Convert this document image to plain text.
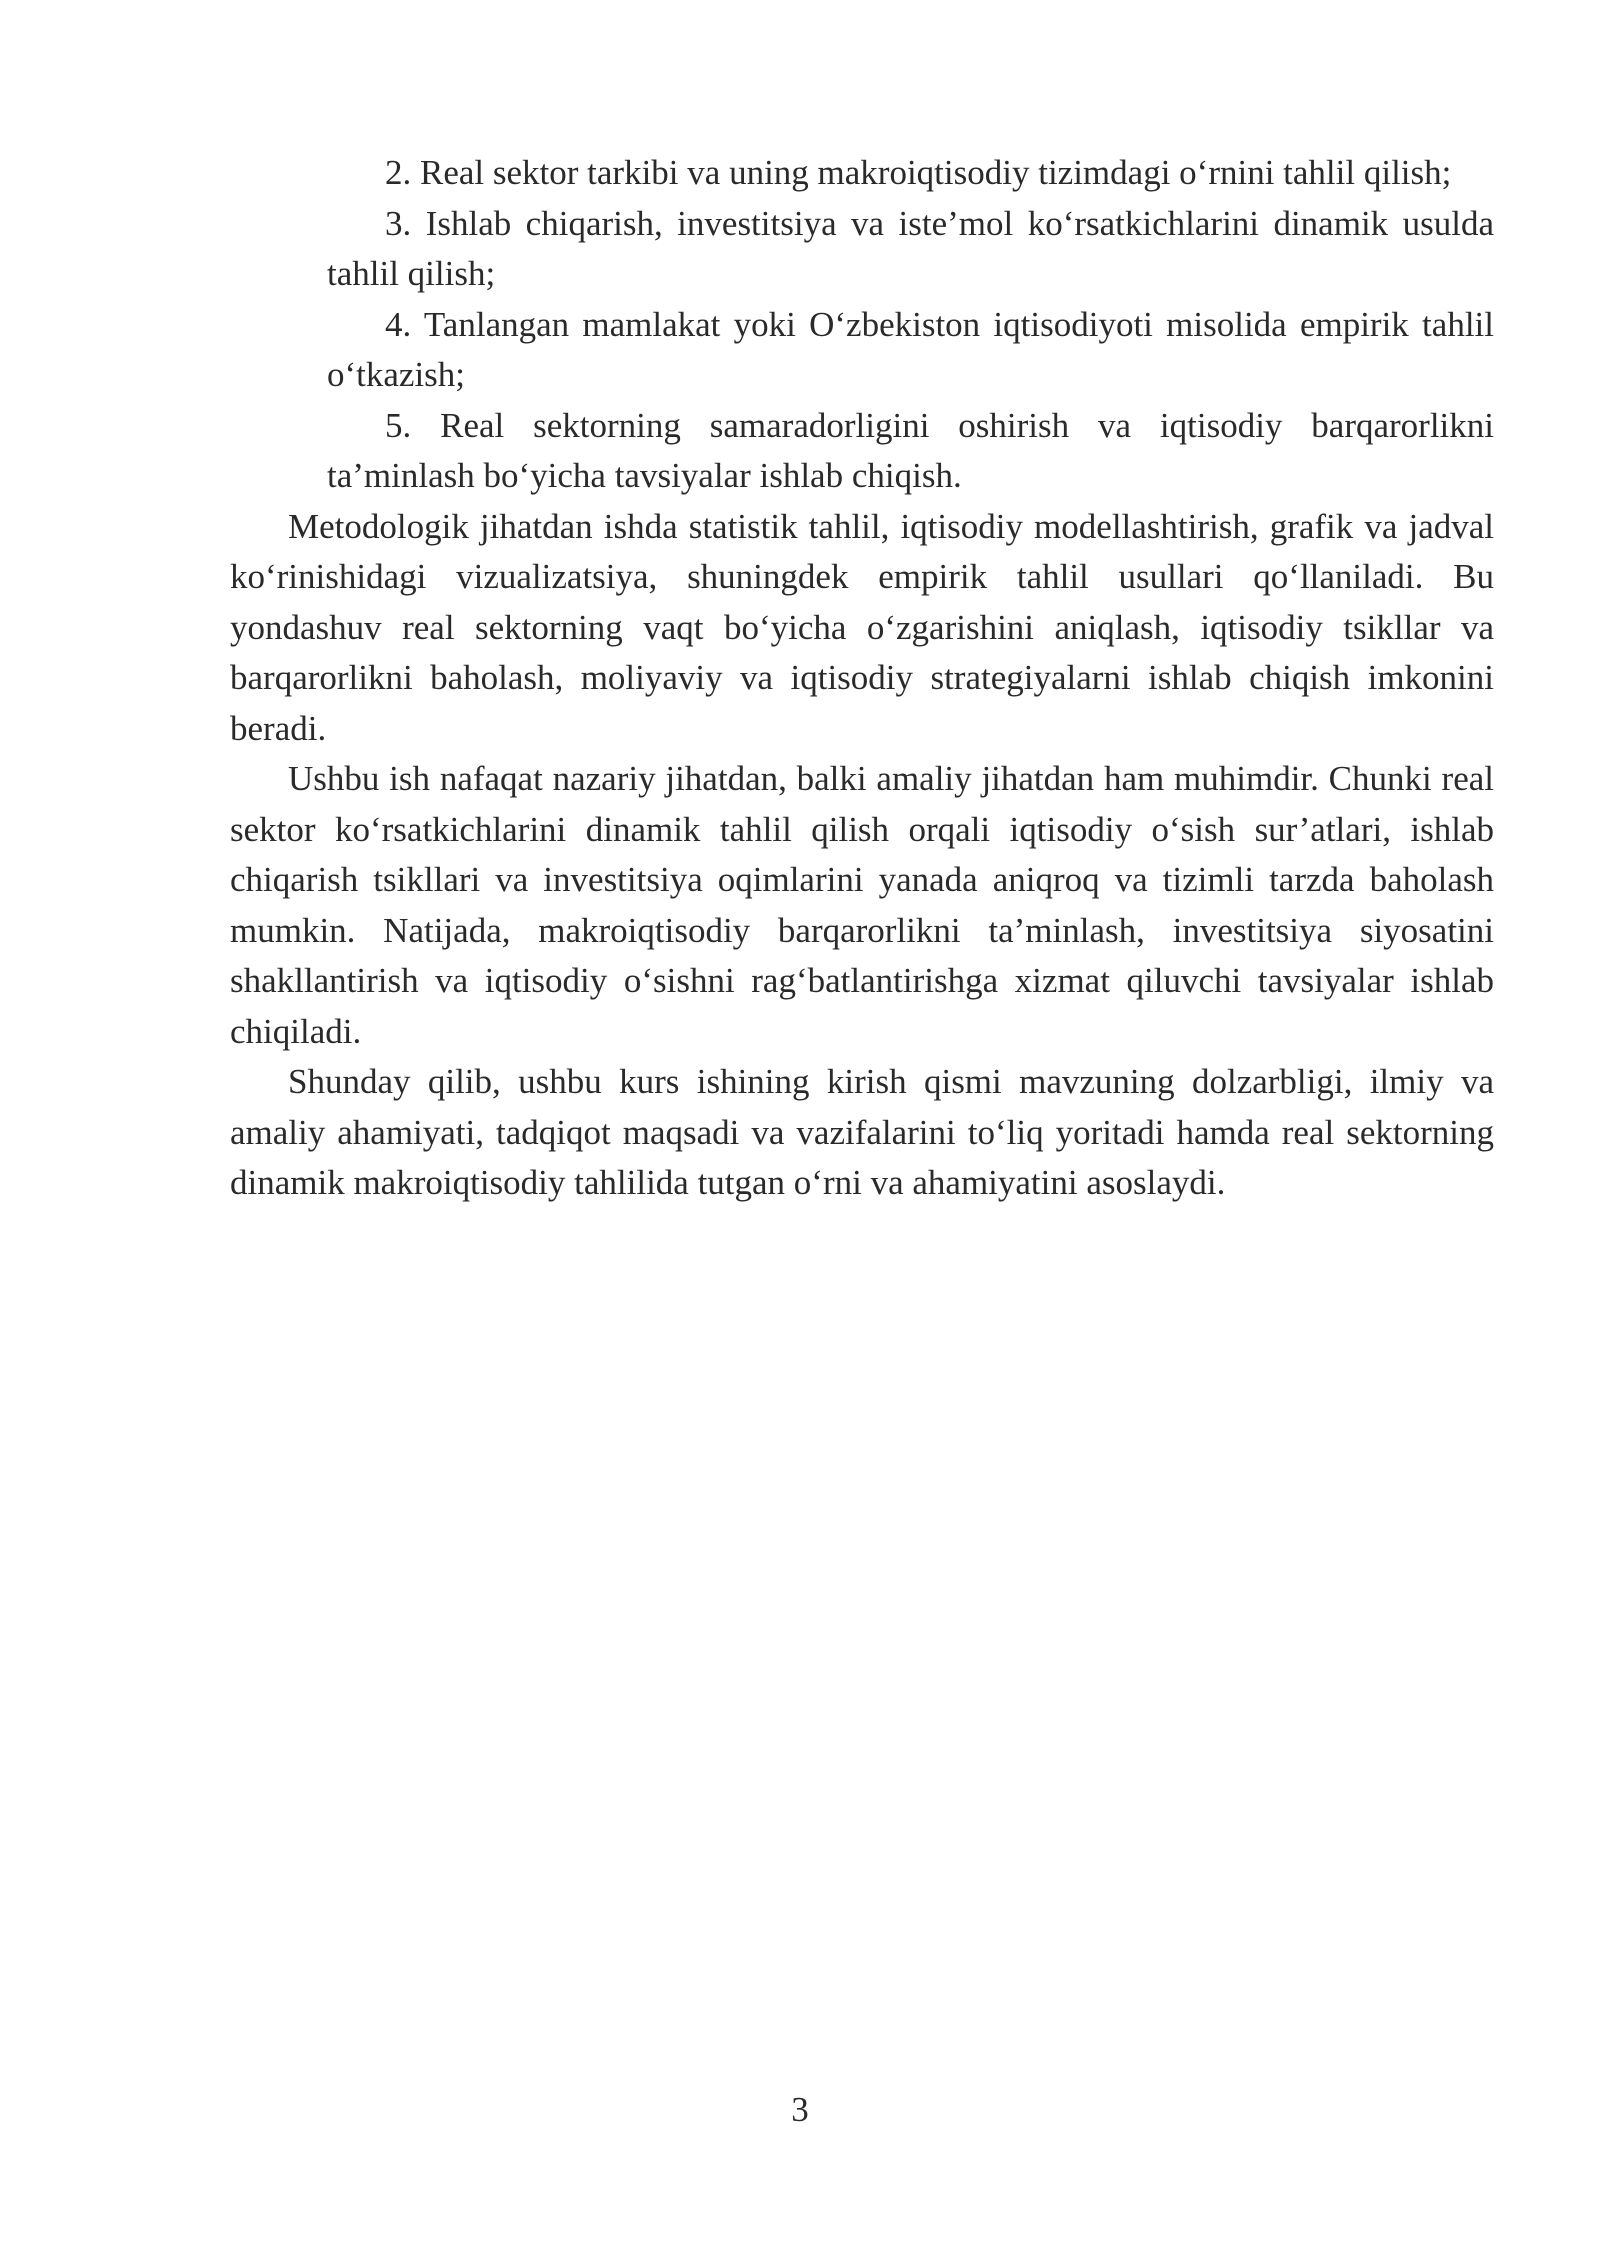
2. Real sektor tarkibi va uning makroiqtisodiy tizimdagi o‘rnini tahlil qilish;
3. Ishlab chiqarish, investitsiya va iste’mol ko‘rsatkichlarini dinamik usulda tahlil qilish;
4. Tanlangan mamlakat yoki O‘zbekiston iqtisodiyoti misolida empirik tahlil o‘tkazish;
5. Real sektorning samaradorligini oshirish va iqtisodiy barqarorlikni ta’minlash bo‘yicha tavsiyalar ishlab chiqish.

Metodologik jihatdan ishda statistik tahlil, iqtisodiy modellashtirish, grafik va jadval ko‘rinishidagi vizualizatsiya, shuningdek empirik tahlil usullari qo‘llaniladi. Bu yondashuv real sektorning vaqt bo‘yicha o‘zgarishini aniqlash, iqtisodiy tsikllar va barqarorlikni baholash, moliyaviy va iqtisodiy strategiyalarni ishlab chiqish imkonini beradi.

Ushbu ish nafaqat nazariy jihatdan, balki amaliy jihatdan ham muhimdir. Chunki real sektor ko‘rsatkichlarini dinamik tahlil qilish orqali iqtisodiy o‘sish sur’atlari, ishlab chiqarish tsikllari va investitsiya oqimlarini yanada aniqroq va tizimli tarzda baholash mumkin. Natijada, makroiqtisodiy barqarorlikni ta’minlash, investitsiya siyosatini shakllantirish va iqtisodiy o‘sishni rag‘batlantirishga xizmat qiluvchi tavsiyalar ishlab chiqiladi.

Shunday qilib, ushbu kurs ishining kirish qismi mavzuning dolzarbligi, ilmiy va amaliy ahamiyati, tadqiqot maqsadi va vazifalarini to‘liq yoritadi hamda real sektorning dinamik makroiqtisodiy tahlilida tutgan o‘rni va ahamiyatini asoslaydi.

3
